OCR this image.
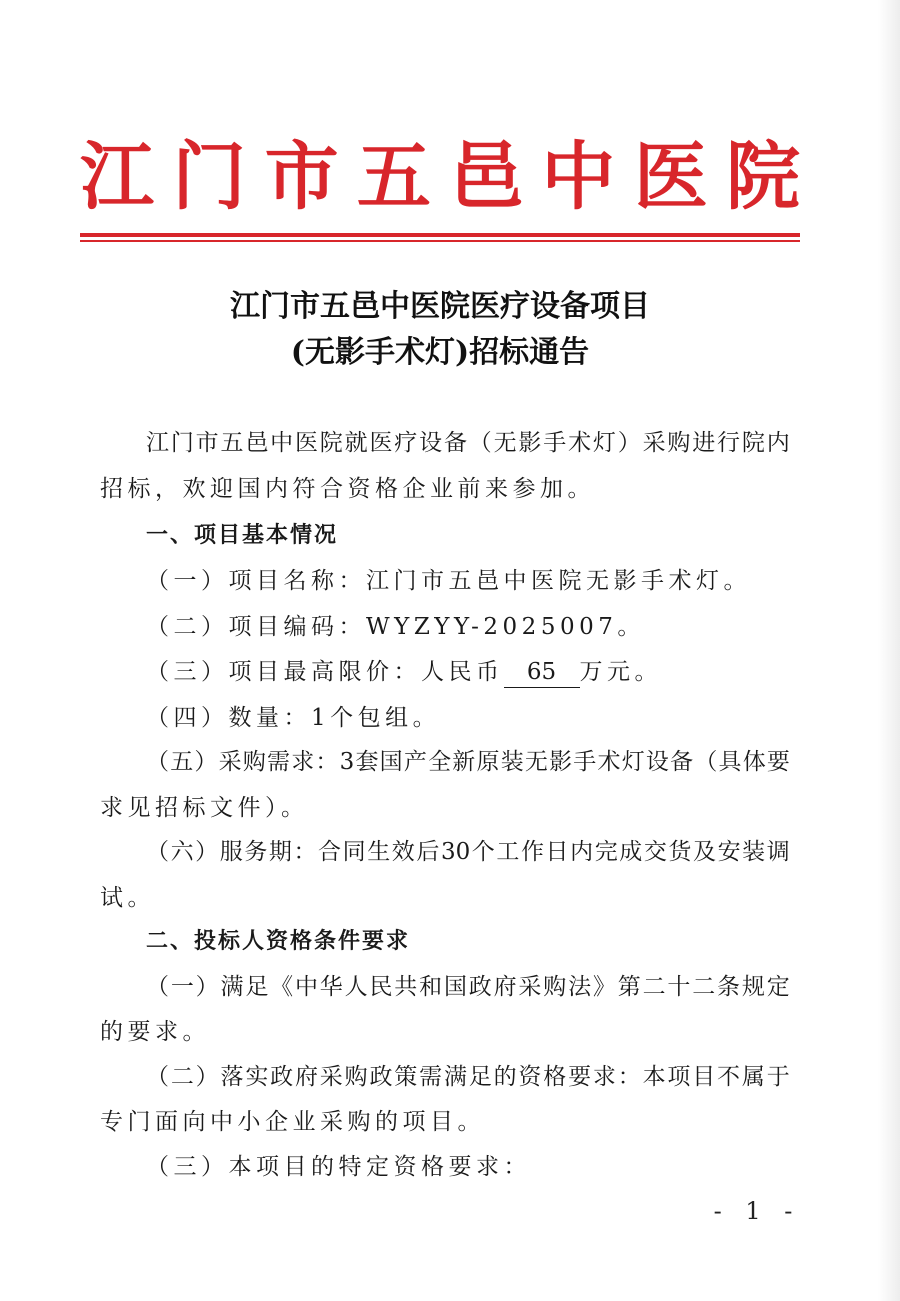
江 门 市 五 邑 中 医 院
江门市五邑中医院医疗设备项目
(无影手术灯)招标通告
江 门 市 五 邑 中 医 院 就 医 疗 设 备 （ 无 影 手 术 灯 ） 采 购 进 行 院 内
招标，欢迎国内符合资格企业前来参加。
一、项目基本情况
（一）项目名称：江门市五邑中医院无影手术灯。
（二）项目编码：WYZYY-2025007。
（三）项目最高限价：人民币 65 万元。
（四）数量：1个包组。
（ 五 ） 采 购 需 求 ： 3 套 国 产 全 新 原 装 无 影 手 术 灯 设 备 （ 具 体 要
求见招标文件）。
（ 六 ） 服 务 期 ： 合 同 生 效 后 30 个 工 作 日 内 完 成 交 货 及 安 装 调
试。
二、投标人资格条件要求
（ 一 ） 满 足 《 中 华 人 民 共 和 国 政 府 采 购 法 》 第 二 十 二 条 规 定
的要求。
（ 二 ） 落 实 政 府 采 购 政 策 需 满 足 的 资 格 要 求 ： 本 项 目 不 属 于
专门面向中小企业采购的项目。
（三）本项目的特定资格要求：
- 1 -
